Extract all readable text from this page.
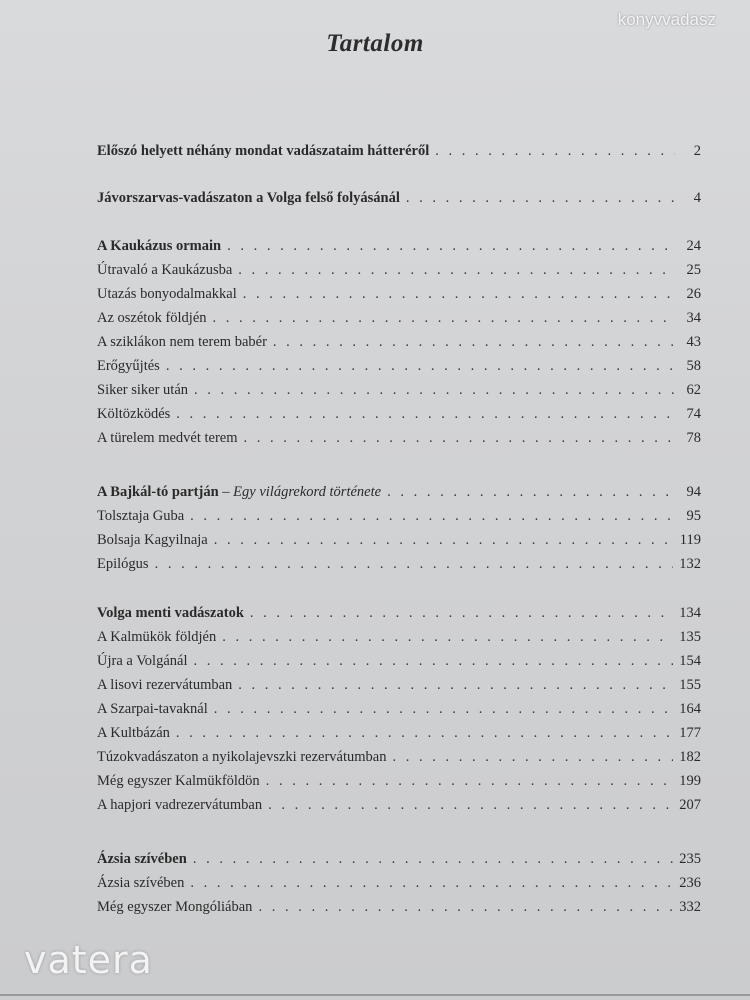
Tartalom
konyvvadasz
Előszó helyett néhány mondat vadászataim hátteréről . . .	2
Jávorszarvas-vadászaton a Volga felső folyásánál . . .	4
A Kaukázus ormain . . .	24
Útravaló a Kaukázusba . . .	25
Utazás bonyodalmakkal . . .	26
Az oszétok földjén . . .	34
A sziklákon nem terem babér . . .	43
Erőgyűjtés . . .	58
Siker siker után . . .	62
Költözködés . . .	74
A türelem medvét terem . . .	78
A Bajkál-tó partján – Egy világrekord története . . .	94
Tolsztaja Guba . . .	95
Bolsaja Kagyilnaja . . .	119
Epilógus . . .	132
Volga menti vadászatok . . .	134
A Kalmükök földjén . . .	135
Újra a Volgánál . . .	154
A lisovi rezervátumban . . .	155
A Szarpai-tavaknál . . .	164
A Kultbázán . . .	177
Túzokvadászaton a nyikolajevszki rezervátumban . . .	182
Még egyszer Kalmükföldön . . .	199
A hapjori vadrezervátumban . . .	207
Ázsia szívében . . .	235
Ázsia szívében . . .	236
Még egyszer Mongóliában . . .	332
vatera
